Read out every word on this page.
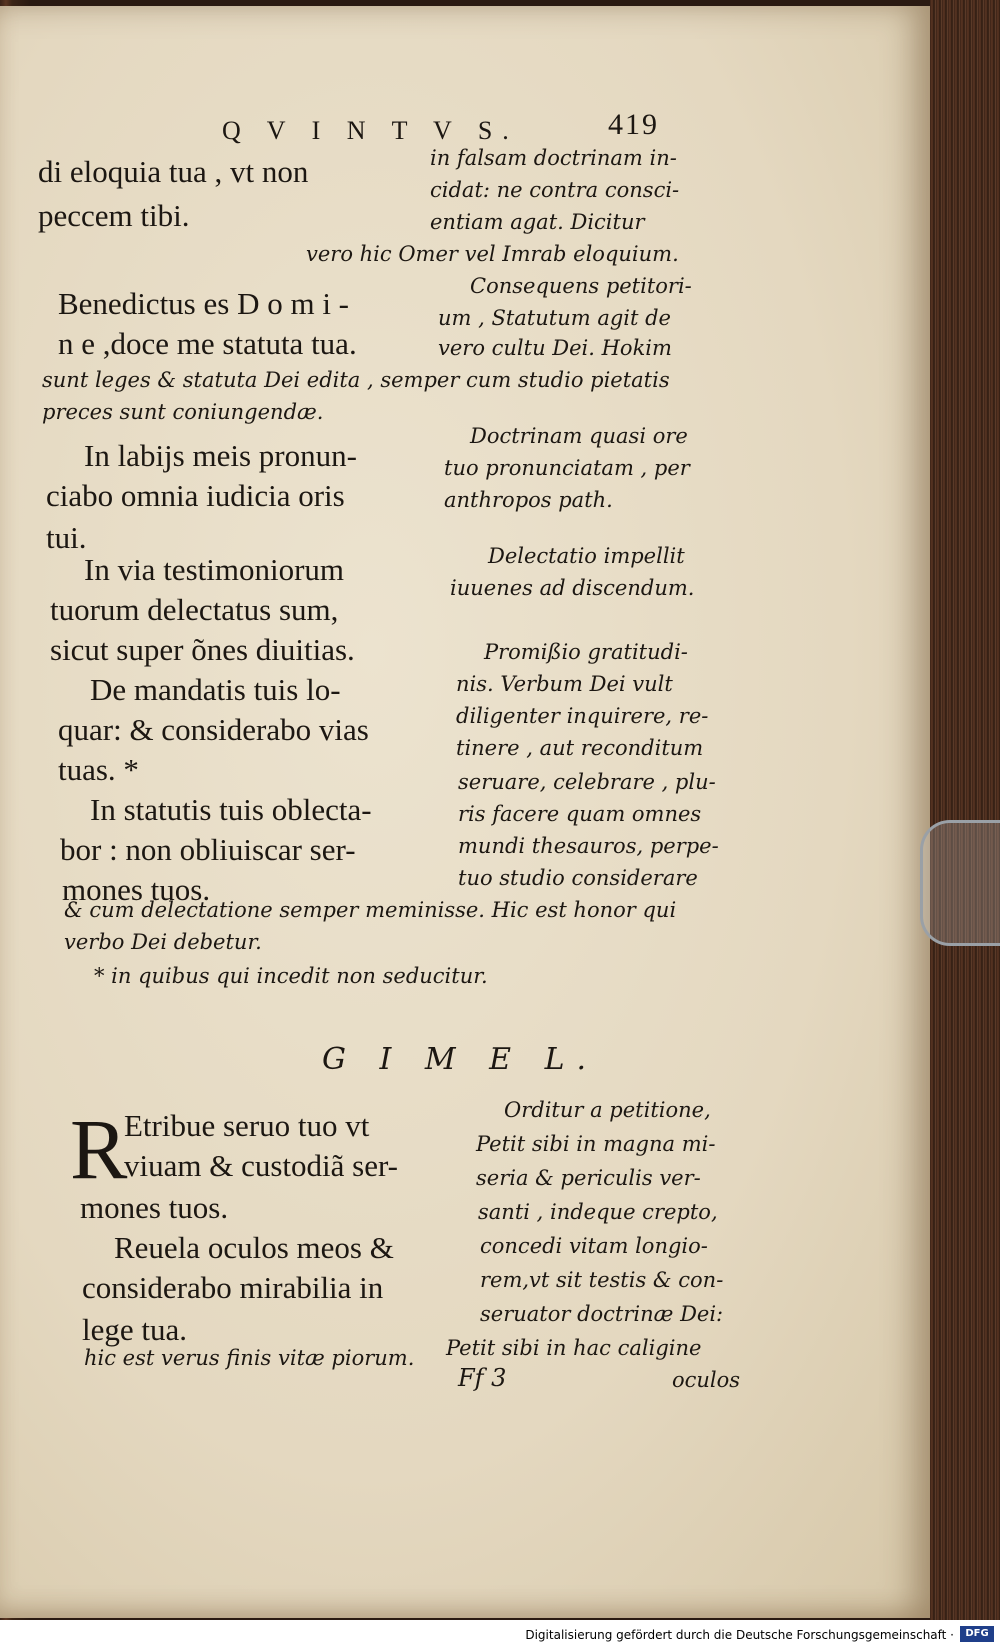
Q V I N T V S.	419
di eloquia tua , vt non
peccem tibi.
in falsam doctrinam in-
cidat: ne contra consci-
entiam agat. Dicitur
vero hic Omer vel Imrab eloquium.
Benedictus es D o m i -
n e ,doce me statuta tua.
Consequens petitori-
um , Statutum agit de
vero cultu Dei. Hokim
sunt leges & statuta Dei edita , semper cum studio pietatis
preces sunt coniungendæ.
In labijs meis pronun-
ciabo omnia iudicia oris
tui.
Doctrinam quasi ore
tuo pronunciatam , per
anthropos path.
In via testimoniorum
tuorum delectatus sum,
sicut super õnes diuitias.
Delectatio impellit
iuuenes ad discendum.
De mandatis tuis lo-
quar: & considerabo vias
tuas. *
Promißio gratitudi-
nis. Verbum Dei vult
diligenter inquirere, re-
tinere , aut reconditum
In statutis tuis oblecta-
bor : non obliuiscar ser-
mones tuos.
seruare, celebrare , plu-
ris facere quam omnes
mundi thesauros, perpe-
tuo studio considerare
& cum delectatione semper meminisse. Hic est honor qui
verbo Dei debetur.
* in quibus qui incedit non seducitur.
G I M E L.
R
Etribue seruo tuo vt
viuam & custodiã ser-
mones tuos.
Reuela oculos meos &
considerabo mirabilia in
lege tua.
hic est verus finis vitæ piorum.
Orditur a petitione,
Petit sibi in magna mi-
seria & periculis ver-
santi , indeque crepto,
concedi vitam longio-
rem,vt sit testis & con-
seruator doctrinæ Dei:
Petit sibi in hac caligine
oculos
Ff 3
Digitalisierung gefördert durch die Deutsche Forschungsgemeinschaft ·	DFG
